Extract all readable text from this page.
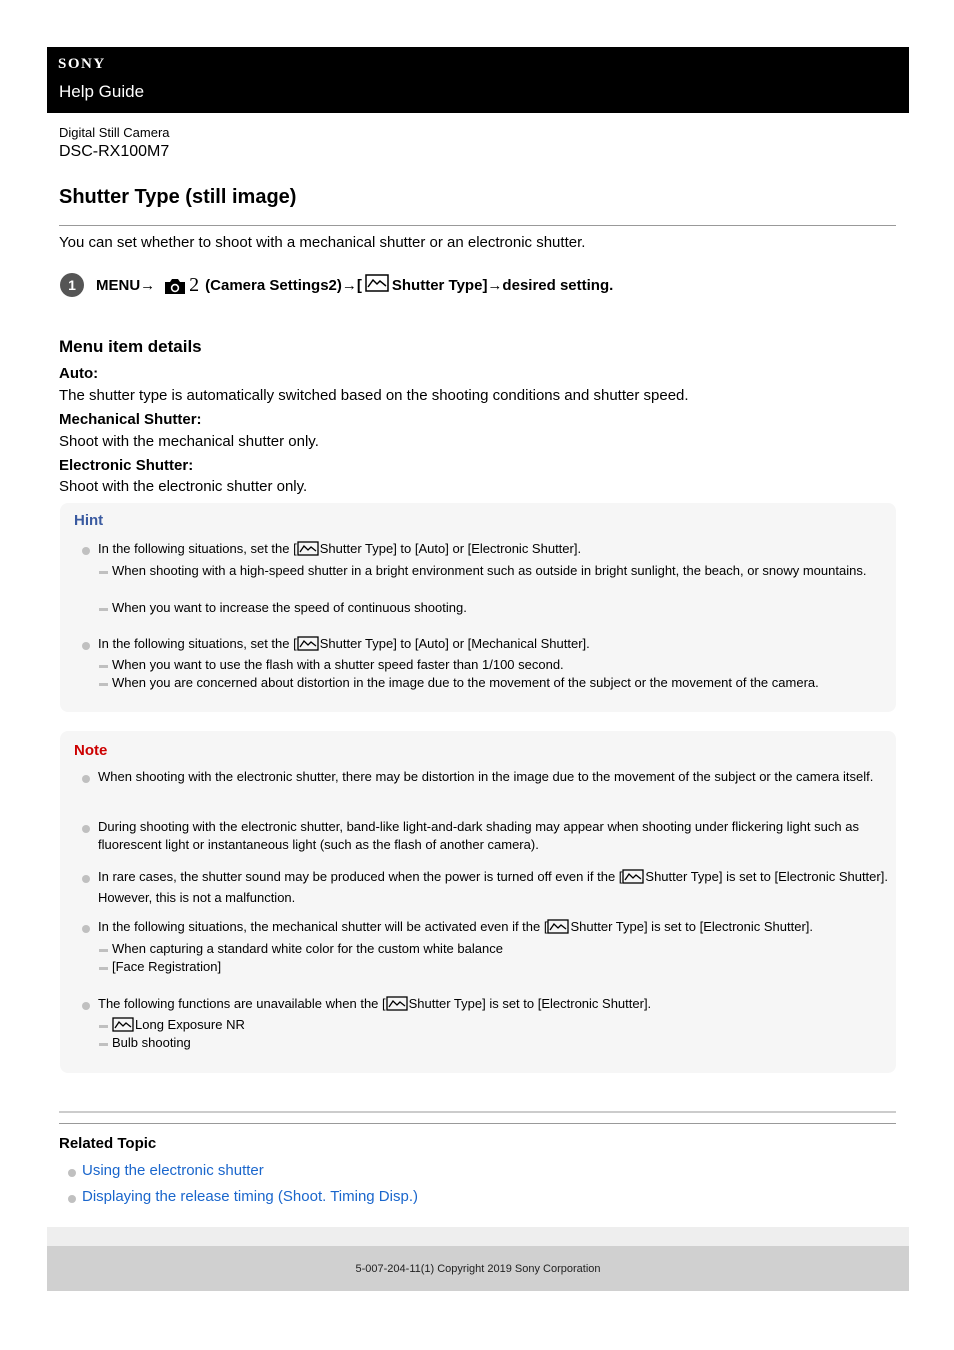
SONY
Help Guide
Digital Still Camera
DSC-RX100M7
Shutter Type (still image)
You can set whether to shoot with a mechanical shutter or an electronic shutter.
1	MENU→ 2 (Camera Settings2)→[ Shutter Type]→desired setting.
Menu item details
Auto:
The shutter type is automatically switched based on the shooting conditions and shutter speed.
Mechanical Shutter:
Shoot with the mechanical shutter only.
Electronic Shutter:
Shoot with the electronic shutter only.
Hint
In the following situations, set the [ Shutter Type] to [Auto] or [Electronic Shutter].
When shooting with a high-speed shutter in a bright environment such as outside in bright sunlight, the beach, or snowy mountains.
When you want to increase the speed of continuous shooting.
In the following situations, set the [ Shutter Type] to [Auto] or [Mechanical Shutter].
When you want to use the flash with a shutter speed faster than 1/100 second.
When you are concerned about distortion in the image due to the movement of the subject or the movement of the camera.
Note
When shooting with the electronic shutter, there may be distortion in the image due to the movement of the subject or the camera itself.
During shooting with the electronic shutter, band-like light-and-dark shading may appear when shooting under flickering light such as fluorescent light or instantaneous light (such as the flash of another camera).
In rare cases, the shutter sound may be produced when the power is turned off even if the [ Shutter Type] is set to [Electronic Shutter]. However, this is not a malfunction.
In the following situations, the mechanical shutter will be activated even if the [ Shutter Type] is set to [Electronic Shutter].
When capturing a standard white color for the custom white balance
[Face Registration]
The following functions are unavailable when the [ Shutter Type] is set to [Electronic Shutter].
Long Exposure NR
Bulb shooting
Related Topic
Using the electronic shutter
Displaying the release timing (Shoot. Timing Disp.)
5-007-204-11(1) Copyright 2019 Sony Corporation
